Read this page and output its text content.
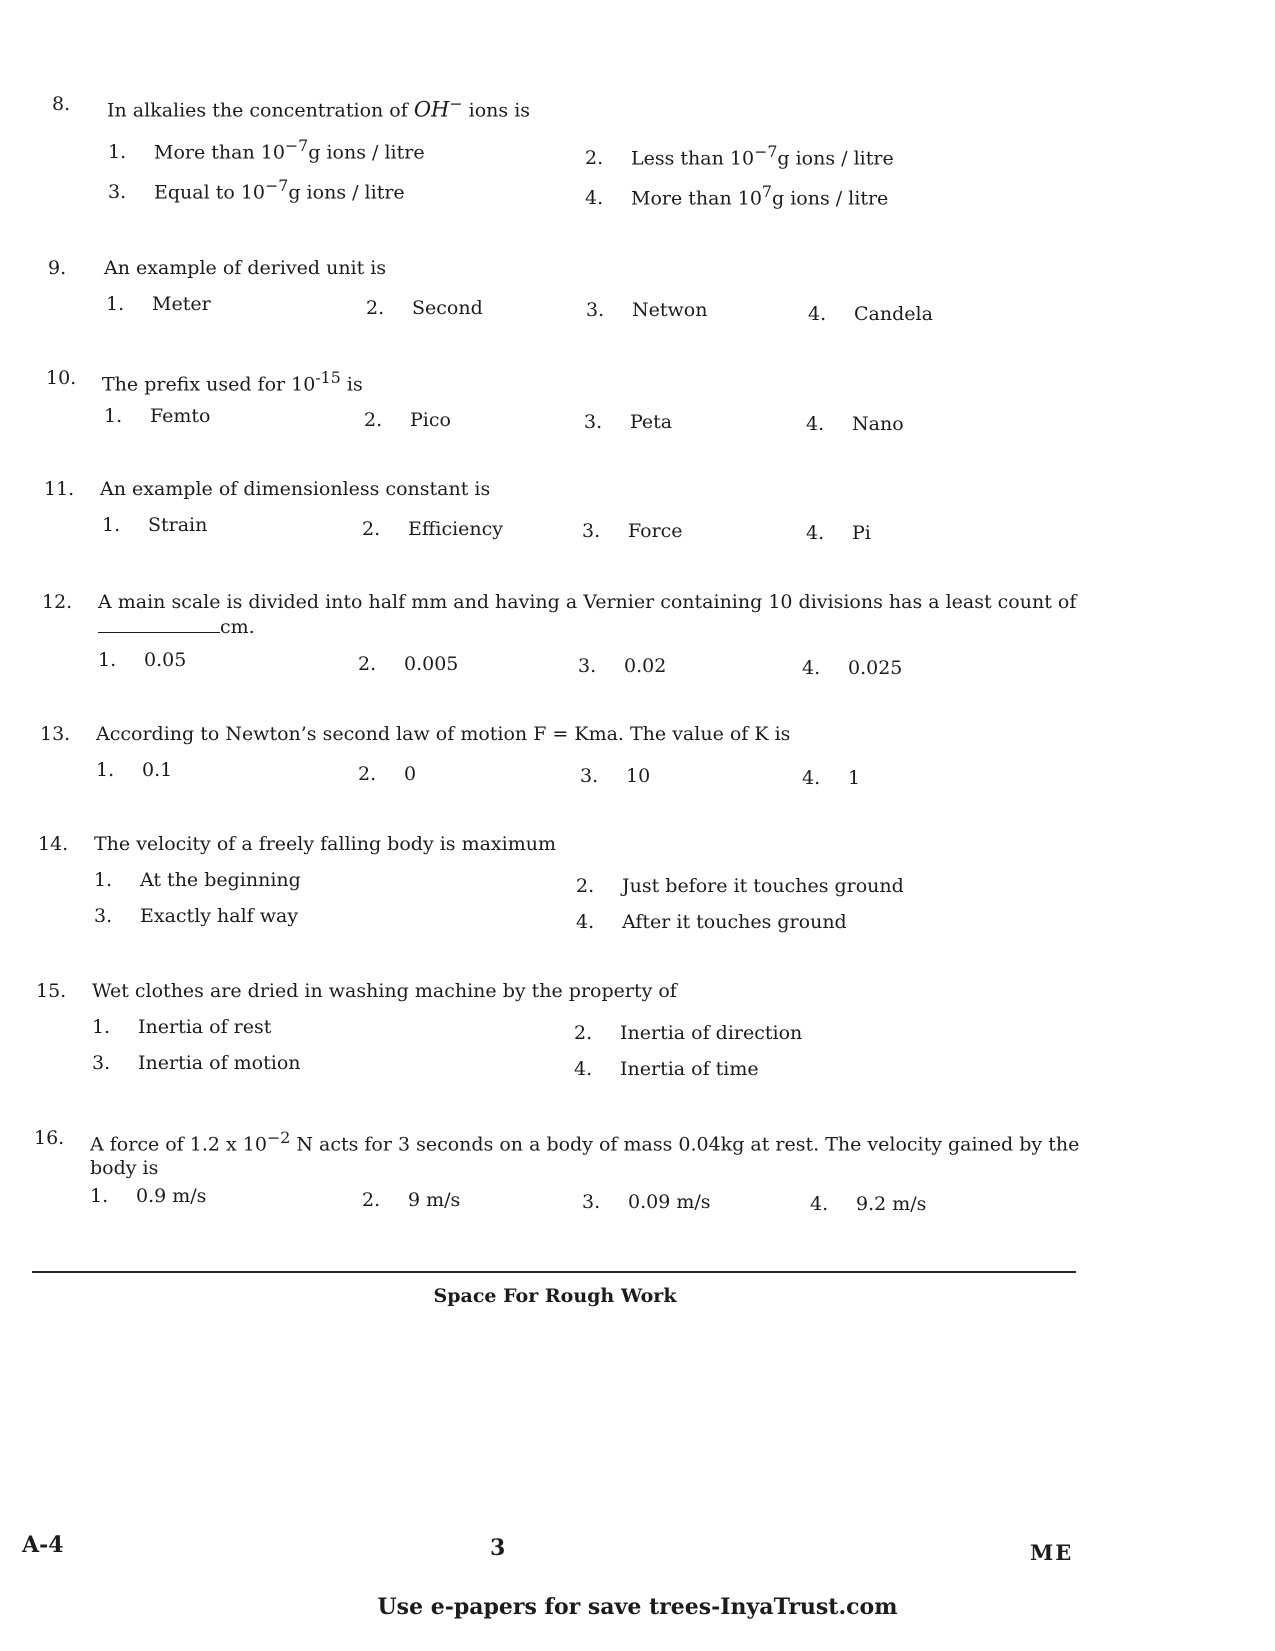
8. In alkalies the concentration of OH− ions is
1. More than $10^{-7}g$ ions / litre	2. Less than $10^{-7}g$ ions / litre
3. Equal to $10^{-7}g$ ions / litre	4. More than $10^7g$ ions / litre
9. An example of derived unit is
1. Meter	2. Second	3. Netwon	4. Candela
10. The prefix used for $10^{-15}$ is
1. Femto	2. Pico	3. Peta	4. Nano
11. An example of dimensionless constant is
1. Strain	2. Efficiency	3. Force	4. Pi
12. A main scale is divided into half mm and having a Vernier containing 10 divisions has a least count of cm.
1. 0.05	2. 0.005	3. 0.02	4. 0.025
13. According to Newton’s second law of motion F = Kma. The value of K is
1. 0.1	2. 0	3. 10	4. 1
14. The velocity of a freely falling body is maximum
1. At the beginning	2. Just before it touches ground
3. Exactly half way	4. After it touches ground
15. Wet clothes are dried in washing machine by the property of
1. Inertia of rest	2. Inertia of direction
3. Inertia of motion	4. Inertia of time
16. A force of 1.2 x $10^{-2}$ N acts for 3 seconds on a body of mass 0.04kg at rest. The velocity gained by the body is
1. 0.9 m/s	2. 9 m/s	3. 0.09 m/s	4. 9.2 m/s
Space For Rough Work
A-4	3	ME
Use e-papers for save trees-InyaTrust.com
